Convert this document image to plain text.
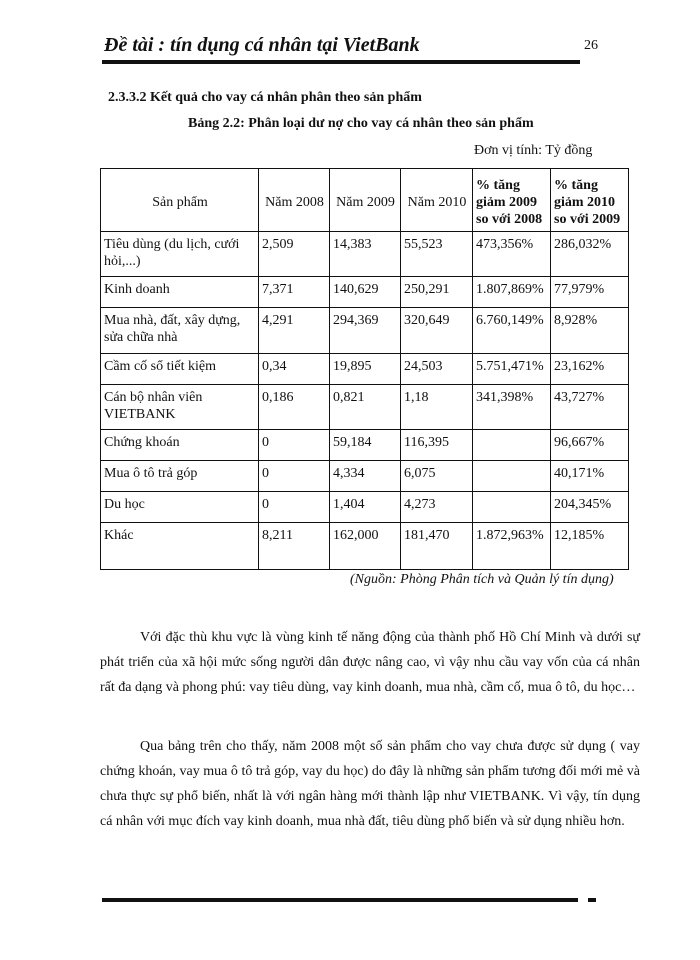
Đề tài : tín dụng cá nhân tại VietBank	26
2.3.3.2 Kết quả cho vay cá nhân phân theo sản phẩm
Bảng 2.2: Phân loại dư nợ cho vay cá nhân theo sản phẩm
Đơn vị tính: Tỷ đồng
Sản phẩm	Năm 2008	Năm 2009	Năm 2010	% tăng giảm 2009 so với 2008	% tăng giảm 2010 so với 2009
Tiêu dùng (du lịch, cưới hỏi,...)	2,509	14,383	55,523	473,356%	286,032%
Kinh doanh	7,371	140,629	250,291	1.807,869%	77,979%
Mua nhà, đất, xây dựng, sửa chữa nhà	4,291	294,369	320,649	6.760,149%	8,928%
Cầm cố sổ tiết kiệm	0,34	19,895	24,503	5.751,471%	23,162%
Cán bộ nhân viên VIETBANK	0,186	0,821	1,18	341,398%	43,727%
Chứng khoán	0	59,184	116,395		96,667%
Mua ô tô trả góp	0	4,334	6,075		40,171%
Du học	0	1,404	4,273		204,345%
Khác	8,211	162,000	181,470	1.872,963%	12,185%
(Nguồn: Phòng Phân tích và Quản lý tín dụng)
Với đặc thù khu vực là vùng kinh tế năng động của thành phố Hồ Chí Minh và dưới sự phát triển của xã hội mức sống người dân được nâng cao, vì vậy nhu cầu vay vốn của cá nhân rất đa dạng và phong phú: vay tiêu dùng, vay kinh doanh, mua nhà, cầm cố, mua ô tô, du học…
Qua bảng trên cho thấy, năm 2008 một số sản phẩm cho vay chưa được sử dụng ( vay chứng khoán, vay mua ô tô trả góp, vay du học) do đây là những sản phẩm tương đối mới mẻ và chưa thực sự phổ biến, nhất là với ngân hàng mới thành lập như VIETBANK. Vì vậy, tín dụng cá nhân với mục đích vay kinh doanh, mua nhà đất, tiêu dùng phổ biến và sử dụng nhiều hơn.
